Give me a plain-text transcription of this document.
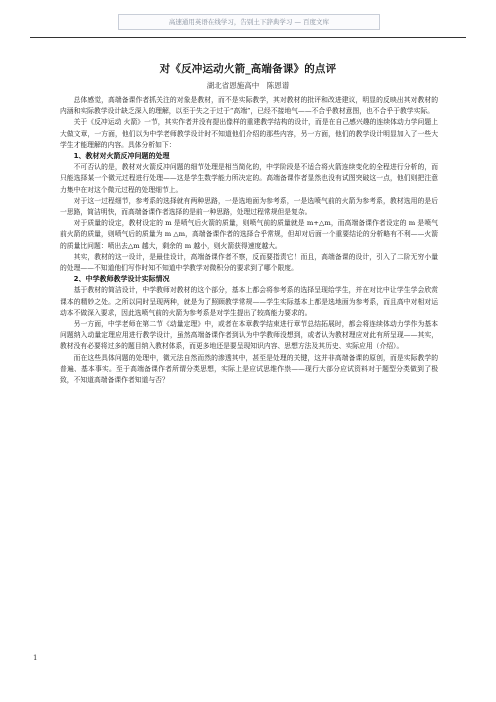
高速通用英语在线学习，告别土下辞典学习 — 百度文库
对《反冲运动火箭_高端备课》的点评
湖北省恩施高中　陈恩谱

总体感觉，高端备课作者抓关注的对象是教材，而不是实际教学，其对教材的批评和改进建议，明显的反映出其对教材的内涵和实际教学设计缺乏深入的理解，以至于失之于过于“高端”，已经不接地气——不合乎教材意图，也不合乎于教学实际。

关于《反冲运动 火箭》一节，其实作者并没有提出像样的重建教学结构的设计，而是在自己感兴趣的连续体动力学问题上大做文章，一方面，他们以为中学老师教学设计时不知道他们介绍的那些内容，另一方面，他们的教学设计明显加入了一些大学生才能理解的内容。具体分析如下：

1、教材对火箭反冲问题的处理

不可否认的是，教材对火箭反冲问题的细节处理是相当简化的，中学阶段是不适合将火箭连续变化的全程进行分析的，而只能选择某一个微元过程进行处理——这是学生数学能力所决定的。高端备课作者显然也没有试图突破这一点，他们则把注意力集中在对这个微元过程的处理细节上。

对于这一过程细节，参考系的选择就有两种思路，一是选地面为参考系，一是选喷气前的火箭为参考系，教材选用的是后一思路，简洁明快，而高端备课作者选择的是前一种思路，处理过程常规但是复杂。

对于质量的设定，教材设定的 m 是喷气后火箭的质量，则喷气前的质量就是 m+△m，而高端备课作者设定的 m 是喷气前火箭的质量，则喷气后的质量为 m △m，高端备课作者的选择合乎常规，但却对后面一个重要结论的分析略有不利——火箭的质量比问题：喷出去△m 越大，剩余的 m 越小，则火箭获得速度越大。

其实，教材的这一设计，是最佳设计，高端备课作者不察，反而要指责它！而且，高端备课的设计，引入了二阶无穷小量的处理——不知道他们写作时知不知道中学教学对微积分的要求到了哪个限度。

2、中学教师教学设计实际情况

基于教材的简洁设计，中学教师对教材的这个部分，基本上都会将参考系的选择呈现给学生，并在对比中让学生学会欣赏课本的精妙之处。之所以同时呈现两种，就是为了照顾教学常规——学生实际基本上都是选地面为参考系，而且高中对相对运动本不做深入要求，因此选喷气前的火箭为参考系是对学生提出了较高能力要求的。

另一方面，中学老师在第二节《动量定理》中，或者在本章教学结束进行章节总结拓展时，都会将连续体动力学作为基本问题纳入动量定理应用进行教学设计，虽然高端备课作者到认为中学教师没想到，或者认为教材理应对此有所呈现——其实，教材没有必要将过多的题目纳入教材体系，而更多地还是要呈现知识内容、思想方法及其历史、实际应用（介绍）。

而在这些具体问题的处理中，微元法自然而然的渗透其中，甚至是处理的关键，这并非高端备课的原创，而是实际教学的普遍、基本事实。至于高端备课作者所谓分类思想，实际上是应试思维作祟——现行大部分应试资料对于题型分类做到了极致，不知道高端备课作者知道与否？

1
